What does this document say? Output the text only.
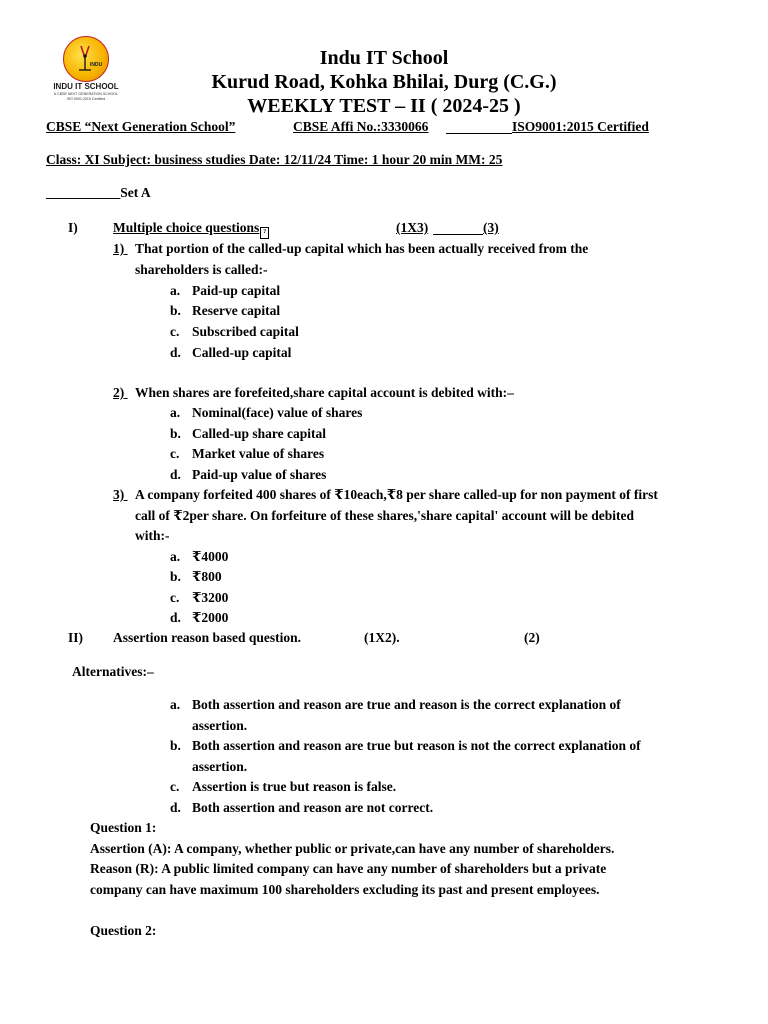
INDU
INDU IT SCHOOL
A CBSE NEXT GENERATION SCHOOL
ISO 9001:2015 Certified
Indu IT School
Kurud Road, Kohka Bhilai, Durg (C.G.)
WEEKLY TEST – II ( 2024-25 )
CBSE “Next Generation School”	CBSE Affi No.:3330066	ISO9001:2015 Certified
Class: XI Subject: business studies Date: 12/11/24 Time: 1 hour 20 min MM: 25
___________Set A
I)	Multiple choice questions ?	(1X3)	(3)
1) That portion of the called-up capital which has been actually received from the
shareholders is called:-
a. Paid-up capital
b. Reserve capital
c. Subscribed capital
d. Called-up capital
2) When shares are forefeited,share capital account is debited with:–
a. Nominal(face) value of shares
b. Called-up share capital
c. Market value of shares
d. Paid-up value of shares
3) A company forfeited 400 shares of ₹10each,₹8 per share called-up for non payment of first
call of ₹2per share. On forfeiture of these shares,'share capital' account will be debited
with:-
a. ₹4000
b. ₹800
c. ₹3200
d. ₹2000
II) Assertion reason based question.	(1X2).	(2)
Alternatives:–
a. Both assertion and reason are true and reason is the correct explanation of
assertion.
b. Both assertion and reason are true but reason is not the correct explanation of
assertion.
c. Assertion is true but reason is false.
d. Both assertion and reason are not correct.
Question 1:
Assertion (A): A company, whether public or private,can have any number of shareholders.
Reason (R): A public limited company can have any number of shareholders but a private
company can have maximum 100 shareholders excluding its past and present employees.
Question 2:
